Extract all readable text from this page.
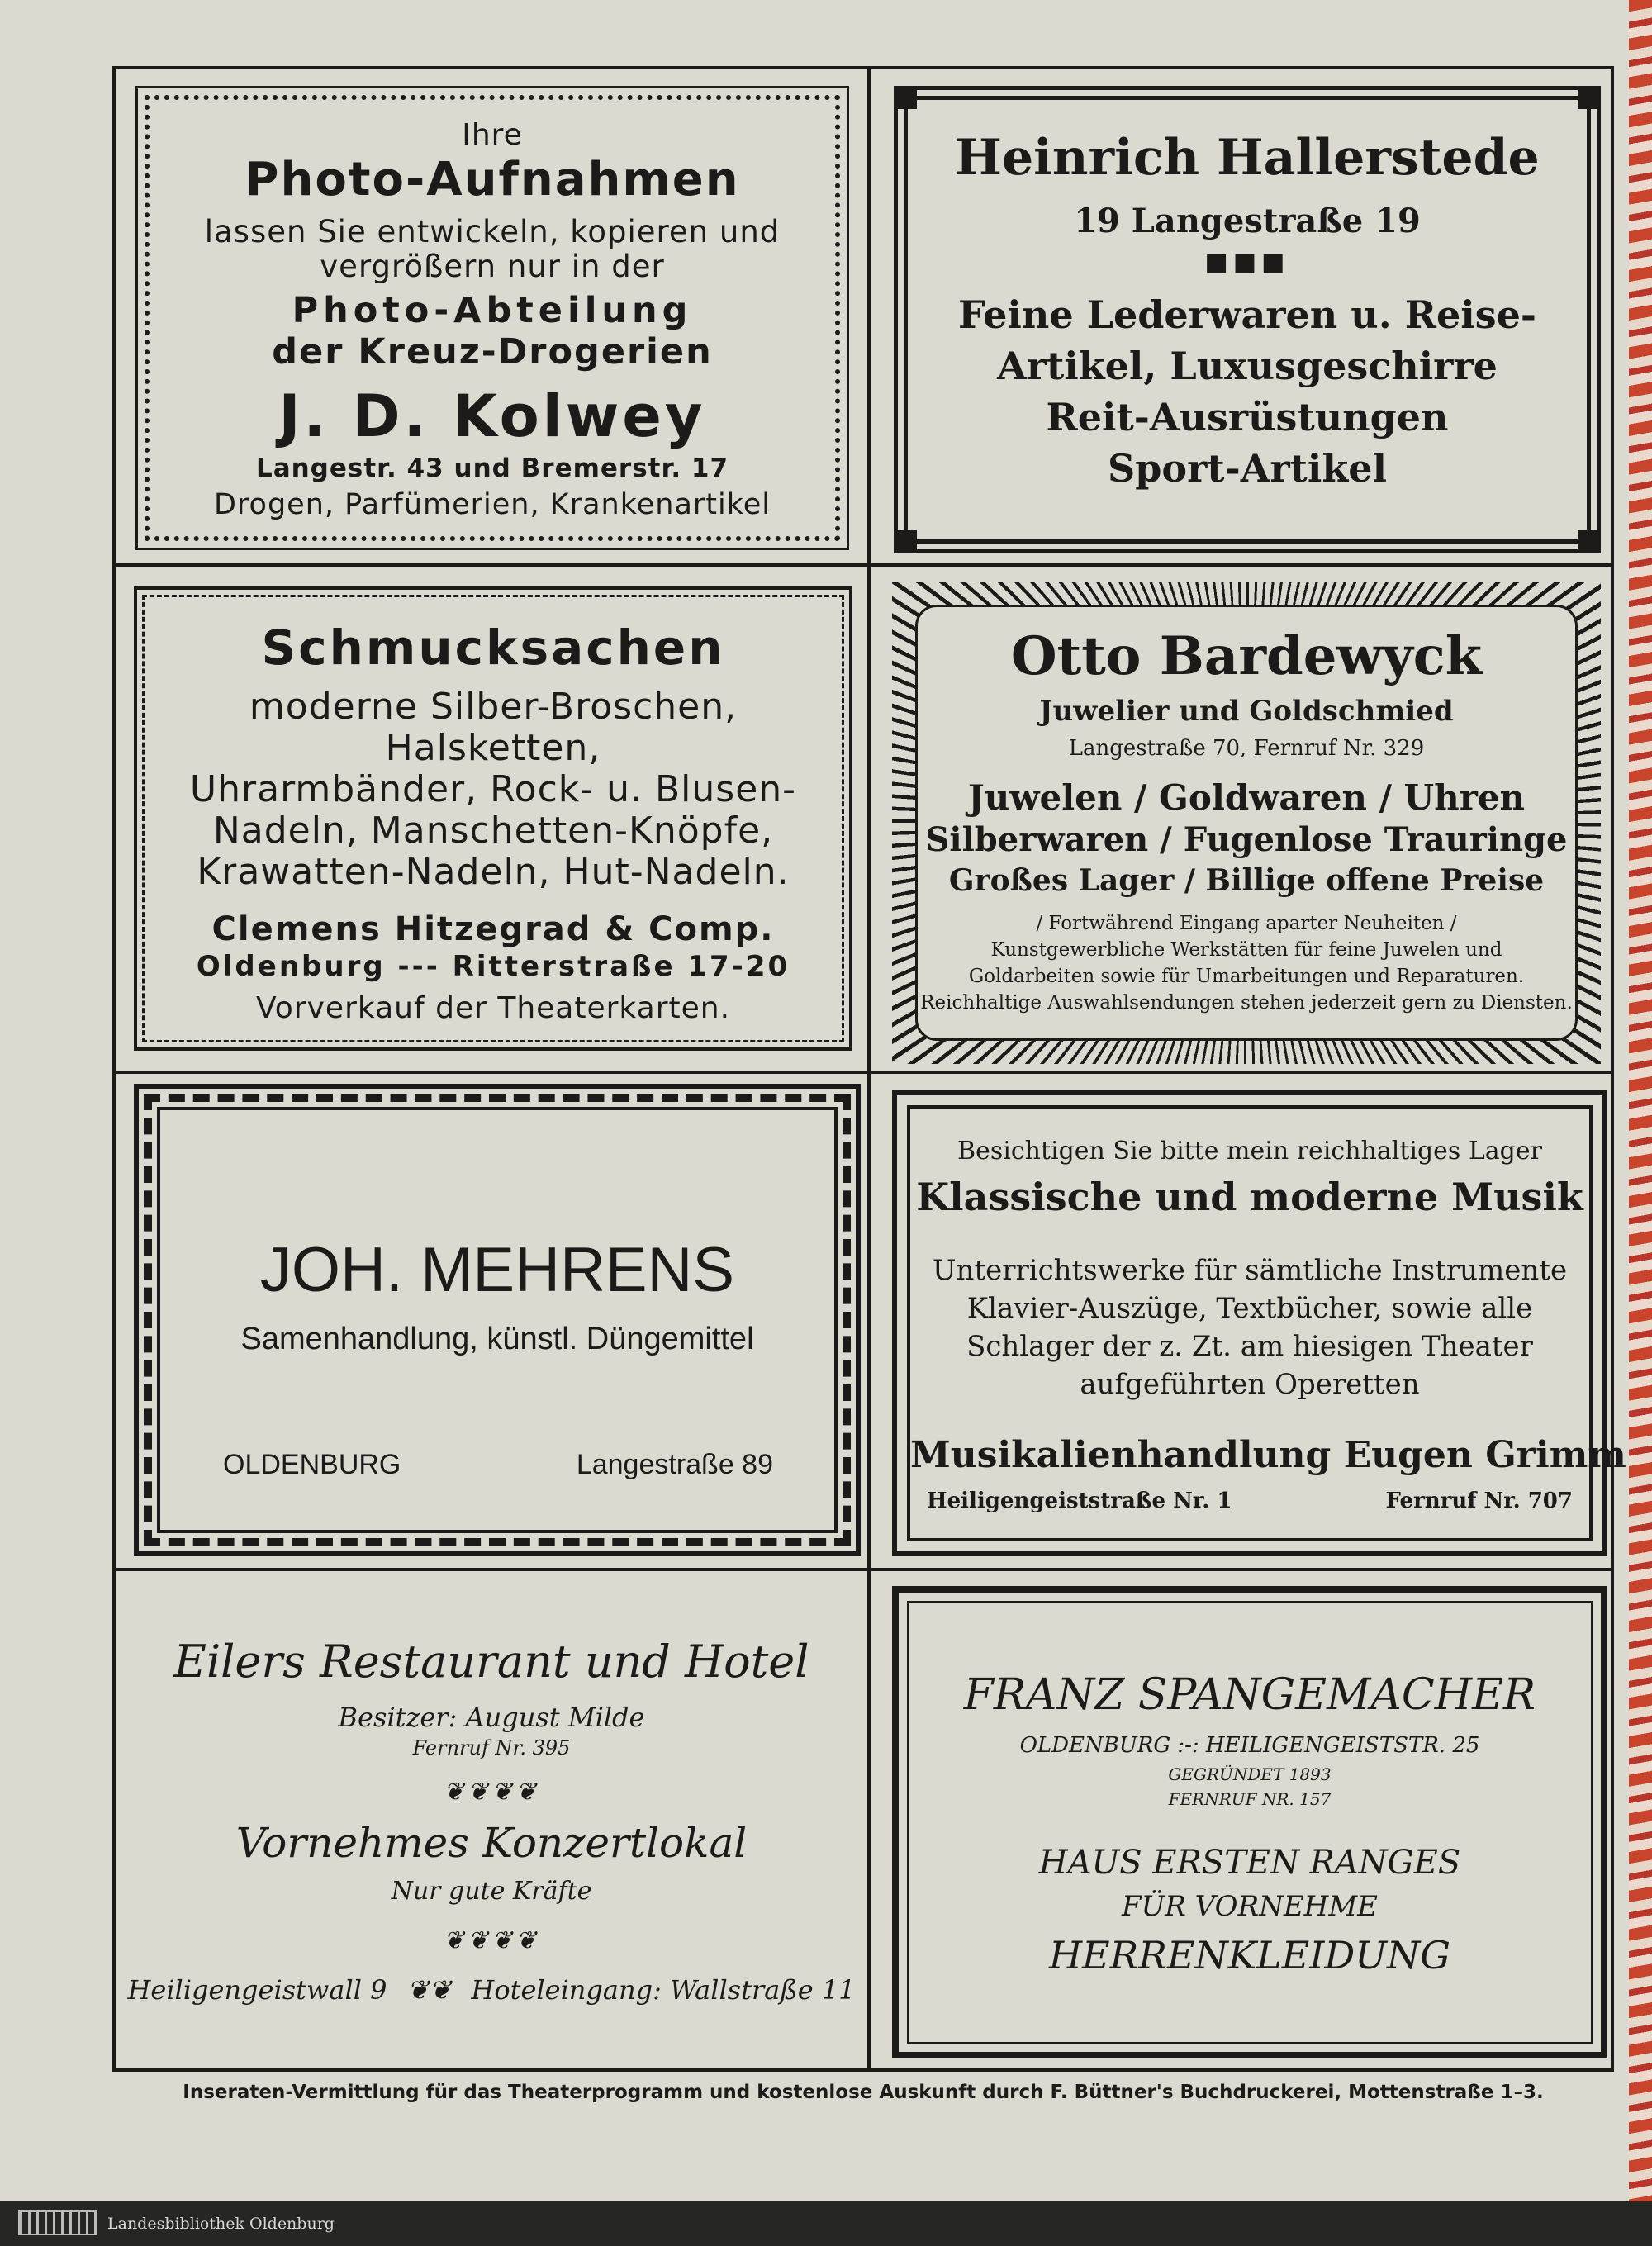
Ihre
Photo-Aufnahmen
lassen Sie entwickeln, kopieren und
vergrößern nur in der
Photo-Abteilung
der Kreuz-Drogerien
J. D. Kolwey
Langestr. 43 und Bremerstr. 17
Drogen, Parfümerien, Krankenartikel
Heinrich Hallerstede
19 Langestraße 19
■■■
Feine Lederwaren u. Reise-
Artikel, Luxusgeschirre
Reit-Ausrüstungen
Sport-Artikel
Schmucksachen
moderne Silber-Broschen,
Halsketten,
Uhrarmbänder, Rock- u. Blusen-
Nadeln, Manschetten-Knöpfe,
Krawatten-Nadeln, Hut-Nadeln.
Clemens Hitzegrad & Comp.
Oldenburg --- Ritterstraße 17-20
Vorverkauf der Theaterkarten.
Otto Bardewyck
Juwelier und Goldschmied
Langestraße 70, Fernruf Nr. 329
Juwelen / Goldwaren / Uhren
Silberwaren / Fugenlose Trauringe
Großes Lager / Billige offene Preise
/ Fortwährend Eingang aparter Neuheiten /
Kunstgewerbliche Werkstätten für feine Juwelen und
Goldarbeiten sowie für Umarbeitungen und Reparaturen.
Reichhaltige Auswahlsendungen stehen jederzeit gern zu Diensten.
JOH. MEHRENS
Samenhandlung, künstl. Düngemittel
OLDENBURG	Langestraße 89
Besichtigen Sie bitte mein reichhaltiges Lager
Klassische und moderne Musik
Unterrichtswerke für sämtliche Instrumente
Klavier-Auszüge, Textbücher, sowie alle
Schlager der z. Zt. am hiesigen Theater
aufgeführten Operetten
Musikalienhandlung Eugen Grimm
Heiligengeiststraße Nr. 1	Fernruf Nr. 707
Eilers Restaurant und Hotel
Besitzer: August Milde
Fernruf Nr. 395
❦❦❦❦
Vornehmes Konzertlokal
Nur gute Kräfte
❦❦❦❦
Heiligengeistwall 9 ❦❦ Hoteleingang: Wallstraße 11
FRANZ SPANGEMACHER
OLDENBURG :-: HEILIGENGEISTSTR. 25
GEGRÜNDET 1893
FERNRUF NR. 157
HAUS ERSTEN RANGES
FÜR VORNEHME
HERRENKLEIDUNG
Inseraten-Vermittlung für das Theaterprogramm und kostenlose Auskunft durch F. Büttner's Buchdruckerei, Mottenstraße 1–3.
Landesbibliothek Oldenburg
